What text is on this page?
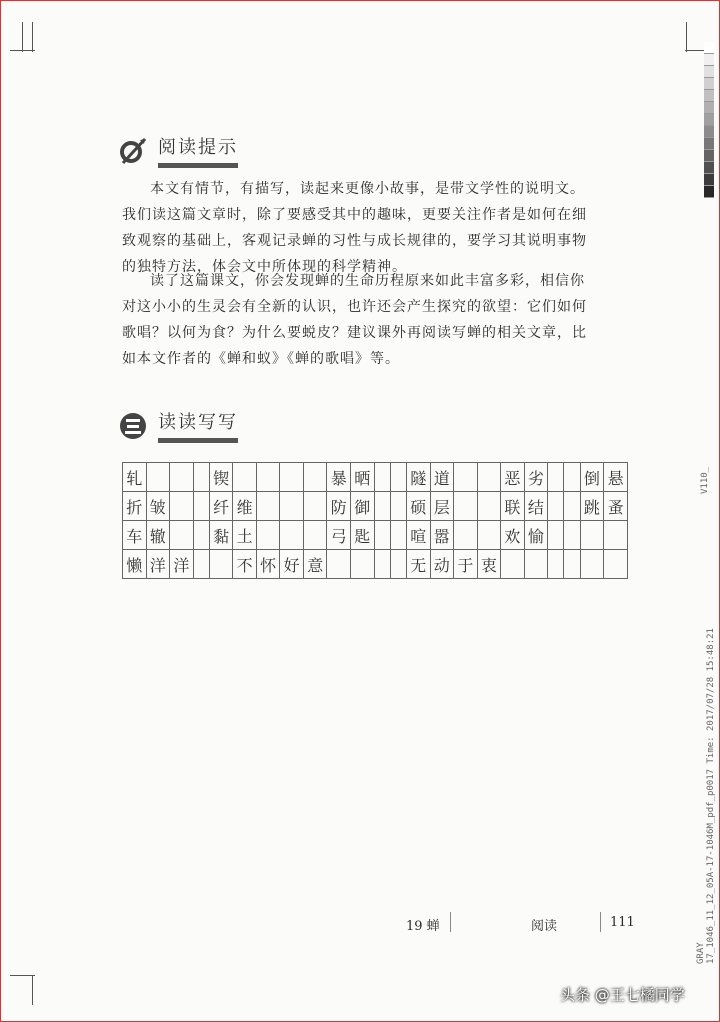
阅读提示

本文有情节，有描写，读起来更像小故事，是带文学性的说明文。我们读这篇文章时，除了要感受其中的趣味，更要关注作者是如何在细致观察的基础上，客观记录蝉的习性与成长规律的，要学习其说明事物的独特方法，体会文中所体现的科学精神。

读了这篇课文，你会发现蝉的生命历程原来如此丰富多彩，相信你对这小小的生灵会有全新的认识，也许还会产生探究的欲望：它们如何歌唱？以何为食？为什么要蜕皮？建议课外再阅读写蝉的相关文章，比如本文作者的《蝉和蚁》《蝉的歌唱》等。

读读写写
轧				锲					暴	晒			隧	道			恶	劣			倒	悬
折	皱			纤	维				防	御			硕	层			联	结			跳	蚤
车	辙			黏	土				弓	匙			喧	嚣			欢	愉				
懒	洋	洋			不	怀	好	意					无	动	于	衷						
19 蝉	阅读	111
V110_
17_1046_11_12_05A-17-1046M_pdf_p0017 Time: 2017/07/28 15:48:21
GRAY
头条 @王七橘同学
